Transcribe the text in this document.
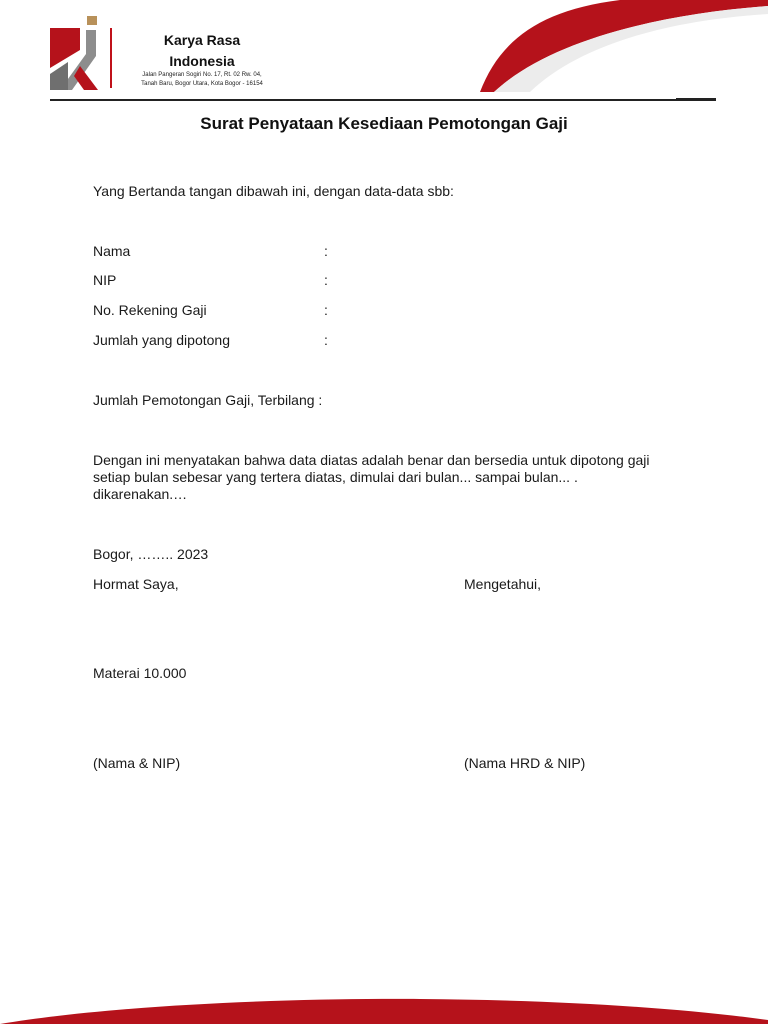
Karya Rasa
Indonesia
Jalan Pangeran Sogiri No. 17, Rt. 02 Rw. 04,
Tanah Baru, Bogor Utara, Kota Bogor - 16154
Surat Penyataan Kesediaan Pemotongan Gaji
Yang Bertanda tangan dibawah ini, dengan data-data sbb:
Nama	:
NIP	:
No. Rekening Gaji	:
Jumlah yang dipotong	:
Jumlah Pemotongan Gaji, Terbilang :
Dengan ini menyatakan bahwa data diatas adalah benar dan bersedia untuk dipotong gaji
setiap bulan sebesar yang tertera diatas, dimulai dari bulan... sampai bulan... .
dikarenakan.…
Bogor, …….. 2023
Hormat Saya,	Mengetahui,
Materai 10.000
(Nama & NIP)	(Nama HRD & NIP)
